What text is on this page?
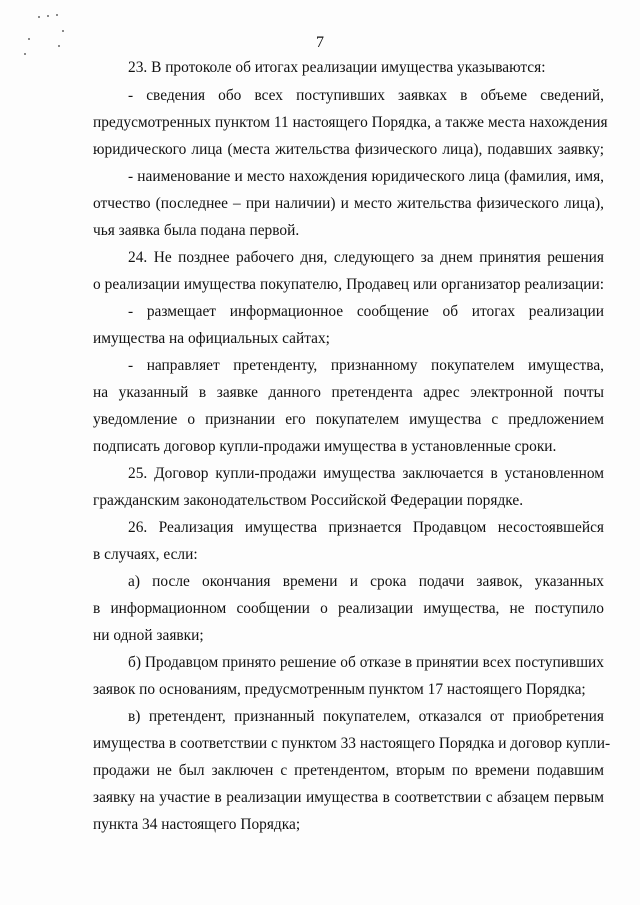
7
23. В протоколе об итогах реализации имущества указываются:
- сведения обо всех поступивших заявках в объеме сведений,
предусмотренных пунктом 11 настоящего Порядка, а также места нахождения
юридического лица (места жительства физического лица), подавших заявку;
- наименование и место нахождения юридического лица (фамилия, имя,
отчество (последнее – при наличии) и место жительства физического лица),
чья заявка была подана первой.
24. Не позднее рабочего дня, следующего за днем принятия решения
о реализации имущества покупателю, Продавец или организатор реализации:
- размещает информационное сообщение об итогах реализации
имущества на официальных сайтах;
- направляет претенденту, признанному покупателем имущества,
на указанный в заявке данного претендента адрес электронной почты
уведомление о признании его покупателем имущества с предложением
подписать договор купли-продажи имущества в установленные сроки.
25. Договор купли-продажи имущества заключается в установленном
гражданским законодательством Российской Федерации порядке.
26. Реализация имущества признается Продавцом несостоявшейся
в случаях, если:
а) после окончания времени и срока подачи заявок, указанных
в информационном сообщении о реализации имущества, не поступило
ни одной заявки;
б) Продавцом принято решение об отказе в принятии всех поступивших
заявок по основаниям, предусмотренным пунктом 17 настоящего Порядка;
в) претендент, признанный покупателем, отказался от приобретения
имущества в соответствии с пунктом 33 настоящего Порядка и договор купли-
продажи не был заключен с претендентом, вторым по времени подавшим
заявку на участие в реализации имущества в соответствии с абзацем первым
пункта 34 настоящего Порядка;
